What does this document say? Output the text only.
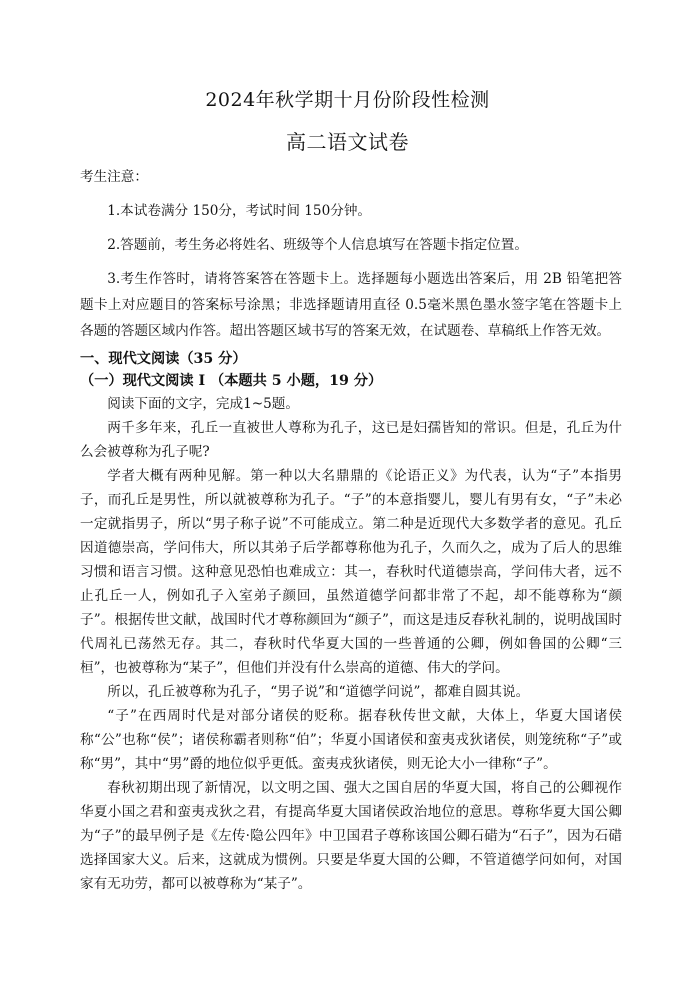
2024年秋学期十月份阶段性检测
高二语文试卷

考生注意：

1.本试卷满分 150分，考试时间 150分钟。

2.答题前，考生务必将姓名、班级等个人信息填写在答题卡指定位置。

3.考生作答时，请将答案答在答题卡上。选择题每小题选出答案后，用 2B 铅笔把答题卡上对应题目的答案标号涂黑；非选择题请用直径 0.5毫米黑色墨水签字笔在答题卡上各题的答题区域内作答。超出答题区域书写的答案无效，在试题卷、草稿纸上作答无效。

一、现代文阅读（35 分）
（一）现代文阅读 I （本题共 5 小题，19 分）

阅读下面的文字，完成1~5题。

两千多年来，孔丘一直被世人尊称为孔子，这已是妇孺皆知的常识。但是，孔丘为什么会被尊称为孔子呢?

学者大概有两种见解。第一种以大名鼎鼎的《论语正义》为代表，认为“子”本指男子，而孔丘是男性，所以就被尊称为孔子。“子”的本意指婴儿，婴儿有男有女，“子”未必一定就指男子，所以“男子称子说”不可能成立。第二种是近现代大多数学者的意见。孔丘因道德崇高，学问伟大，所以其弟子后学都尊称他为孔子，久而久之，成为了后人的思维习惯和语言习惯。这种意见恐怕也难成立：其一，春秋时代道德崇高，学问伟大者，远不止孔丘一人，例如孔子入室弟子颜回，虽然道德学问都非常了不起，却不能尊称为“颜子”。根据传世文献，战国时代才尊称颜回为“颜子”，而这是违反春秋礼制的，说明战国时代周礼已荡然无存。其二，春秋时代华夏大国的一些普通的公卿，例如鲁国的公卿“三桓”，也被尊称为“某子”，但他们并没有什么崇高的道德、伟大的学问。

所以，孔丘被尊称为孔子，“男子说”和“道德学问说”，都难自圆其说。

“子”在西周时代是对部分诸侯的贬称。据春秋传世文献，大体上，华夏大国诸侯称“公”也称“侯”；诸侯称霸者则称“伯”；华夏小国诸侯和蛮夷戎狄诸侯，则笼统称“子”或称“男”，其中“男”爵的地位似乎更低。蛮夷戎狄诸侯，则无论大小一律称“子”。

春秋初期出现了新情况，以文明之国、强大之国自居的华夏大国，将自己的公卿视作华夏小国之君和蛮夷戎狄之君，有提高华夏大国诸侯政治地位的意思。尊称华夏大国公卿为“子”的最早例子是《左传·隐公四年》中卫国君子尊称该国公卿石碏为“石子”，因为石碏选择国家大义。后来，这就成为惯例。只要是华夏大国的公卿，不管道德学问如何，对国家有无功劳，都可以被尊称为“某子”。
